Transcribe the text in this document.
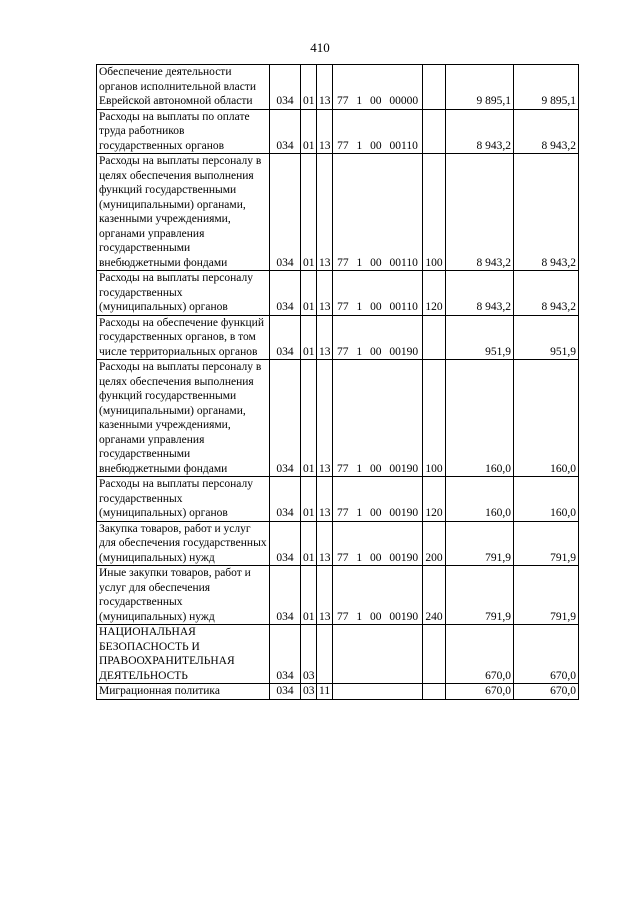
410
Обеспечение деятельности органов исполнительной власти Еврейской автономной области	034	01	13	77 1 00 00000		9 895,1	9 895,1
Расходы на выплаты по оплате труда работников государственных органов	034	01	13	77 1 00 00110		8 943,2	8 943,2
Расходы на выплаты персоналу в целях обеспечения выполнения функций государственными (муниципальными) органами, казенными учреждениями, органами управления государственными внебюджетными фондами	034	01	13	77 1 00 00110	100	8 943,2	8 943,2
Расходы на выплаты персоналу государственных (муниципальных) органов	034	01	13	77 1 00 00110	120	8 943,2	8 943,2
Расходы на обеспечение функций государственных органов, в том числе территориальных органов	034	01	13	77 1 00 00190		951,9	951,9
Расходы на выплаты персоналу в целях обеспечения выполнения функций государственными (муниципальными) органами, казенными учреждениями, органами управления государственными внебюджетными фондами	034	01	13	77 1 00 00190	100	160,0	160,0
Расходы на выплаты персоналу государственных (муниципальных) органов	034	01	13	77 1 00 00190	120	160,0	160,0
Закупка товаров, работ и услуг для обеспечения государственных (муниципальных) нужд	034	01	13	77 1 00 00190	200	791,9	791,9
Иные закупки товаров, работ и услуг для обеспечения государственных (муниципальных) нужд	034	01	13	77 1 00 00190	240	791,9	791,9
НАЦИОНАЛЬНАЯ БЕЗОПАСНОСТЬ И ПРАВООХРАНИТЕЛЬНАЯ ДЕЯТЕЛЬНОСТЬ	034	03				670,0	670,0
Миграционная политика	034	03	11			670,0	670,0
